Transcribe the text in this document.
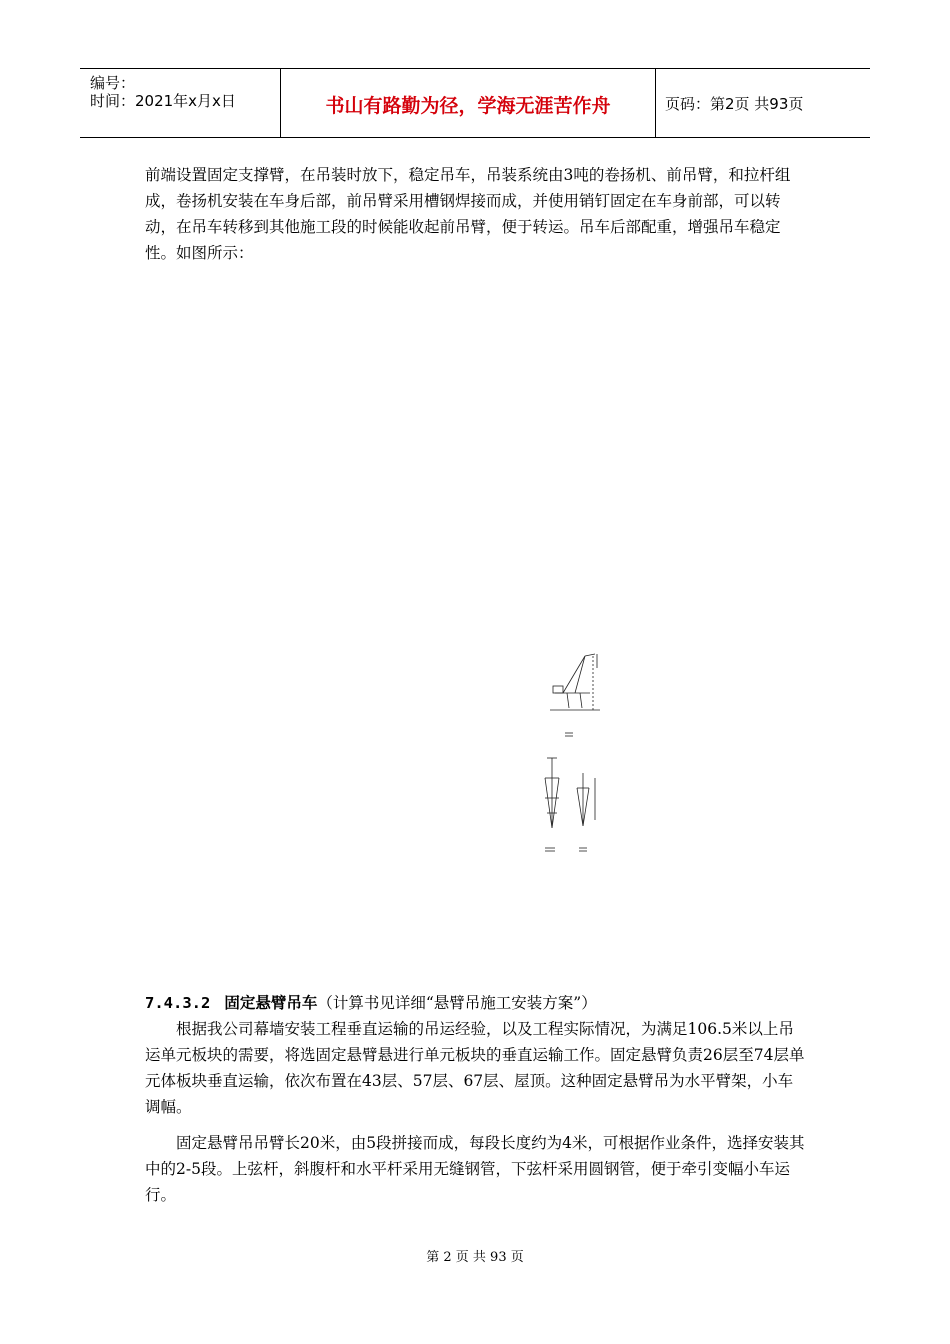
编号：
时间：2021年x月x日	书山有路勤为径，学海无涯苦作舟	页码：第2页 共93页
前端设置固定支撑臂，在吊装时放下，稳定吊车，吊装系统由3吨的卷扬机、前吊臂，和拉杆组成，卷扬机安装在车身后部，前吊臂采用槽钢焊接而成，并使用销钉固定在车身前部，可以转动，在吊车转移到其他施工段的时候能收起前吊臂，便于转运。吊车后部配重，增强吊车稳定性。如图所示：
7.4.3.2 固定悬臂吊车（计算书见详细“悬臂吊施工安装方案”）
根据我公司幕墙安装工程垂直运输的吊运经验，以及工程实际情况，为满足106.5米以上吊运单元板块的需要，将选固定悬臂悬进行单元板块的垂直运输工作。固定悬臂负责26层至74层单元体板块垂直运输，依次布置在43层、57层、67层、屋顶。这种固定悬臂吊为水平臂架，小车调幅。
固定悬臂吊吊臂长20米，由5段拼接而成，每段长度约为4米，可根据作业条件，选择安装其中的2-5段。上弦杆，斜腹杆和水平杆采用无缝钢管，下弦杆采用圆钢管，便于牵引变幅小车运行。
第 2 页 共 93 页
